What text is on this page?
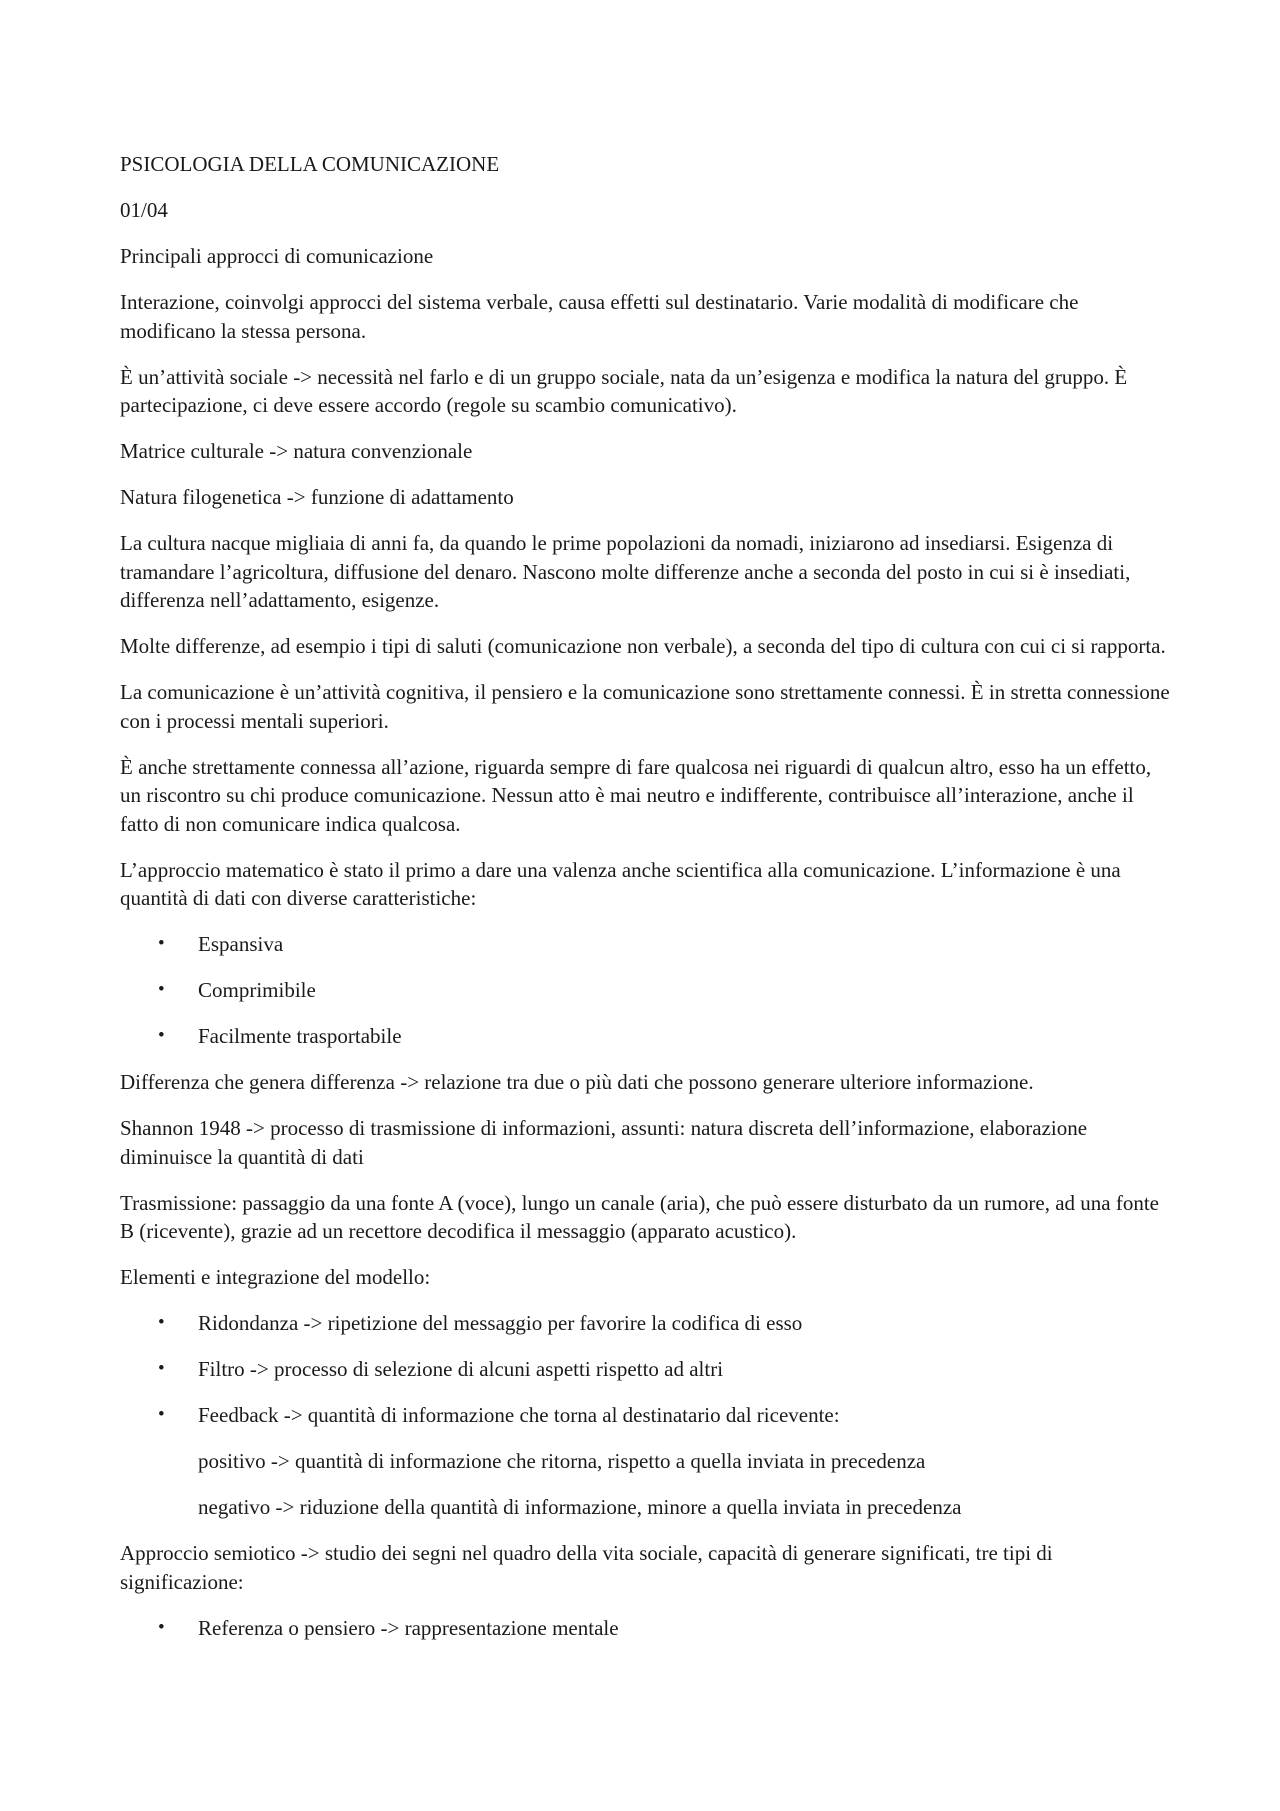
PSICOLOGIA DELLA COMUNICAZIONE

01/04

Principali approcci di comunicazione

Interazione, coinvolgi approcci del sistema verbale, causa effetti sul destinatario. Varie modalità di modificare che modificano la stessa persona.

È un’attività sociale -> necessità nel farlo e di un gruppo sociale, nata da un’esigenza e modifica la natura del gruppo. È partecipazione, ci deve essere accordo (regole su scambio comunicativo).

Matrice culturale -> natura convenzionale

Natura filogenetica -> funzione di adattamento

La cultura nacque migliaia di anni fa, da quando le prime popolazioni da nomadi, iniziarono ad insediarsi. Esigenza di tramandare l’agricoltura, diffusione del denaro. Nascono molte differenze anche a seconda del posto in cui si è insediati, differenza nell’adattamento, esigenze.

Molte differenze, ad esempio i tipi di saluti (comunicazione non verbale), a seconda del tipo di cultura con cui ci si rapporta.

La comunicazione è un’attività cognitiva, il pensiero e la comunicazione sono strettamente connessi. È in stretta connessione con i processi mentali superiori.

È anche strettamente connessa all’azione, riguarda sempre di fare qualcosa nei riguardi di qualcun altro, esso ha un effetto, un riscontro su chi produce comunicazione. Nessun atto è mai neutro e indifferente, contribuisce all’interazione, anche il fatto di non comunicare indica qualcosa.

L’approccio matematico è stato il primo a dare una valenza anche scientifica alla comunicazione. L’informazione è una quantità di dati con diverse caratteristiche:

• Espansiva
• Comprimibile
• Facilmente trasportabile

Differenza che genera differenza -> relazione tra due o più dati che possono generare ulteriore informazione.

Shannon 1948 -> processo di trasmissione di informazioni, assunti: natura discreta dell’informazione, elaborazione diminuisce la quantità di dati

Trasmissione: passaggio da una fonte A (voce), lungo un canale (aria), che può essere disturbato da un rumore, ad una fonte B (ricevente), grazie ad un recettore decodifica il messaggio (apparato acustico).

Elementi e integrazione del modello:

• Ridondanza -> ripetizione del messaggio per favorire la codifica di esso
• Filtro -> processo di selezione di alcuni aspetti rispetto ad altri
• Feedback -> quantità di informazione che torna al destinatario dal ricevente:

positivo -> quantità di informazione che ritorna, rispetto a quella inviata in precedenza

negativo -> riduzione della quantità di informazione, minore a quella inviata in precedenza

Approccio semiotico -> studio dei segni nel quadro della vita sociale, capacità di generare significati, tre tipi di significazione:

• Referenza o pensiero -> rappresentazione mentale
